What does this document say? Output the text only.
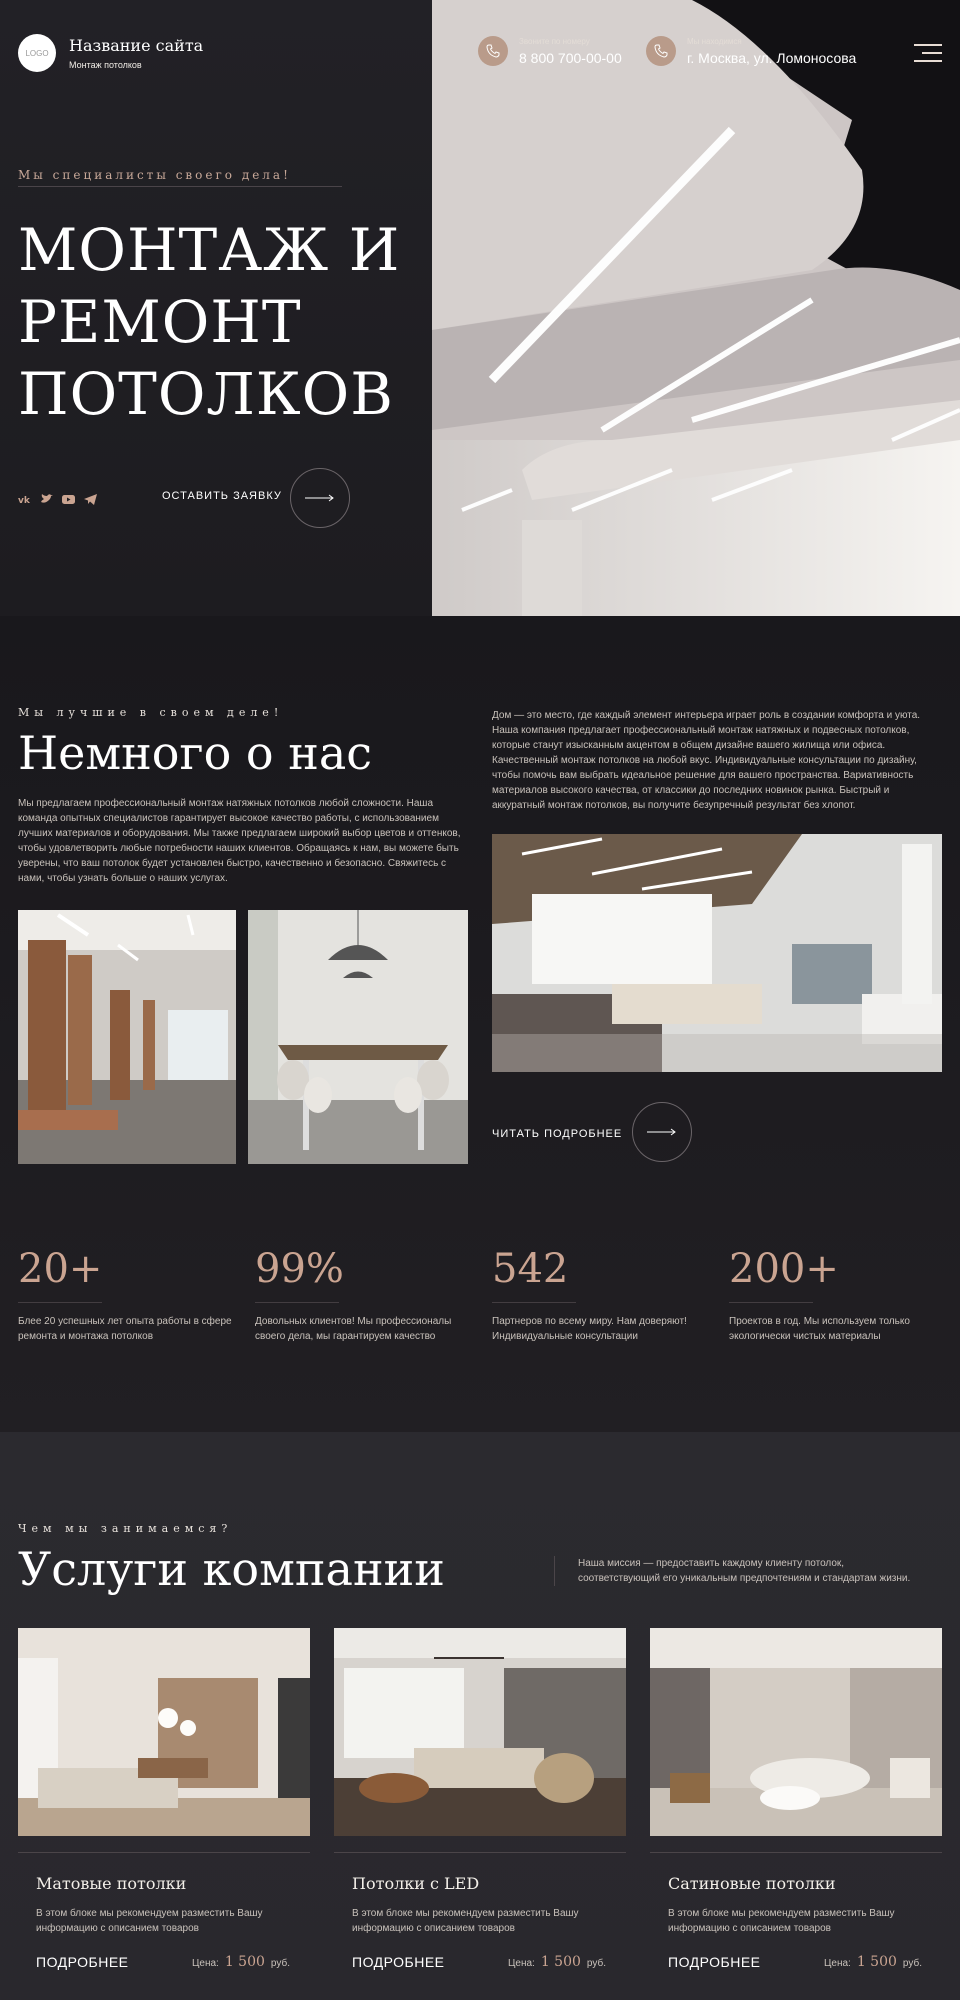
LOGO Название сайта
Монтаж потолков
Звоните по номеру
8 800 700-00-00
Мы находимся
г. Москва, ул. Ломоносова
Мы специалисты своего дела!
МОНТАЖ И
РЕМОНТ
ПОТОЛКОВ
vk	ОСТАВИТЬ ЗАЯВКУ
Мы лучшие в своем деле!
Немного о нас
Мы предлагаем профессиональный монтаж натяжных потолков любой сложности. Наша команда опытных специалистов гарантирует высокое качество работы, с использованием лучших материалов и оборудования. Мы также предлагаем широкий выбор цветов и оттенков, чтобы удовлетворить любые потребности наших клиентов. Обращаясь к нам, вы можете быть уверены, что ваш потолок будет установлен быстро, качественно и безопасно. Свяжитесь с нами, чтобы узнать больше о наших услугах.
Дом — это место, где каждый элемент интерьера играет роль в создании комфорта и уюта. Наша компания предлагает профессиональный монтаж натяжных и подвесных потолков, которые станут изысканным акцентом в общем дизайне вашего жилища или офиса. Качественный монтаж потолков на любой вкус. Индивидуальные консультации по дизайну, чтобы помочь вам выбрать идеальное решение для вашего пространства. Вариативность материалов высокого качества, от классики до последних новинок рынка. Быстрый и аккуратный монтаж потолков, вы получите безупречный результат без хлопот.
ЧИТАТЬ ПОДРОБНЕЕ
20+
Блее 20 успешных лет опыта работы в сфере ремонта и монтажа потолков
99%
Довольных клиентов! Мы профессионалы своего дела, мы гарантируем качество
542
Партнеров по всему миру. Нам доверяют! Индивидуальные консультации
200+
Проектов в год. Мы используем только экологически чистых материалы
Чем мы занимаемся?
Услуги компании	Наша миссия — предоставить каждому клиенту потолок, соответствующий его уникальным предпочтениям и стандартам жизни.
Матовые потолки
В этом блоке мы рекомендуем разместить Вашу информацию с описанием товаров
ПОДРОБНЕЕ	Цена: 1 500 руб.
Потолки с LED
В этом блоке мы рекомендуем разместить Вашу информацию с описанием товаров
ПОДРОБНЕЕ	Цена: 1 500 руб.
Сатиновые потолки
В этом блоке мы рекомендуем разместить Вашу информацию с описанием товаров
ПОДРОБНЕЕ	Цена: 1 500 руб.
